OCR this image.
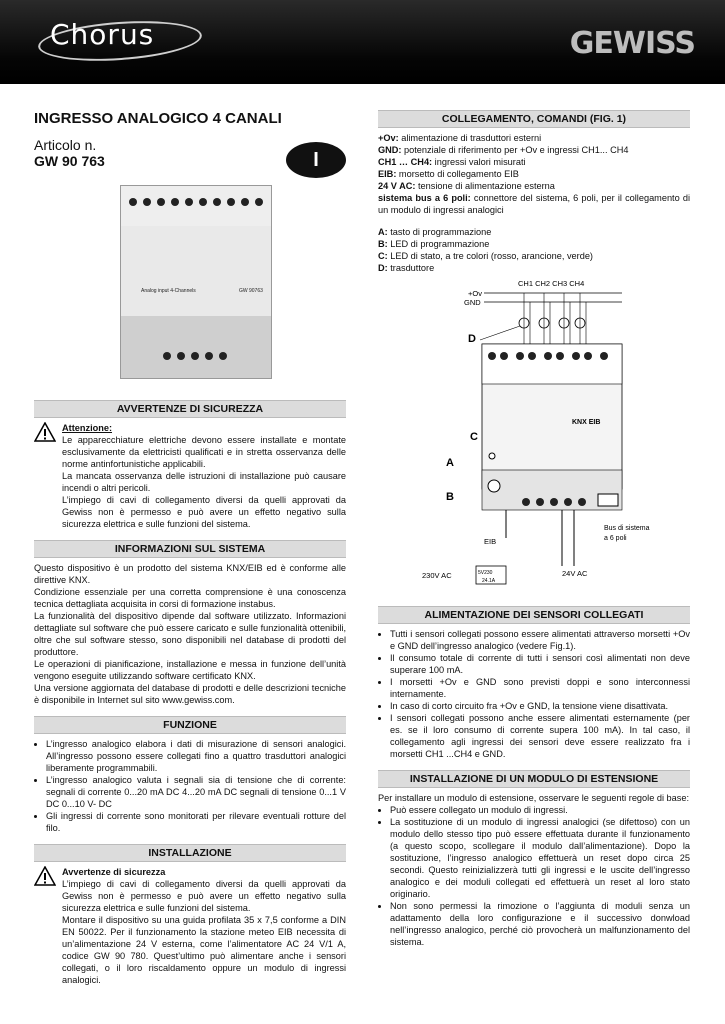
Chorus	GEWISS
INGRESSO ANALOGICO 4 CANALI
Articolo n.
GW 90 763	I
Analog input 4-Channels	GW 90763
AVVERTENZE DI SICUREZZA

Attenzione:

Le apparecchiature elettriche devono essere installate e montate esclusivamente da elettricisti qualificati e in stretta osservanza delle norme antinfortunistiche applicabili.

La mancata osservanza delle istruzioni di installazione può causare incendi o altri pericoli.

L’impiego di cavi di collegamento diversi da quelli approvati da Gewiss non è permesso e può avere un effetto negativo sulla sicurezza elettrica e sulle funzioni del sistema.

INFORMAZIONI SUL SISTEMA

Questo dispositivo è un prodotto del sistema KNX/EIB ed è conforme alle direttive KNX.

Condizione essenziale per una corretta comprensione è una conoscenza tecnica dettagliata acquisita in corsi di formazione instabus.

La funzionalità del dispositivo dipende dal software utilizzato. Informazioni dettagliate sul software che può essere caricato e sulle funzionalità ottenibili, oltre che sul software stesso, sono disponibili nel database di prodotti del produttore.

Le operazioni di pianificazione, installazione e messa in funzione dell’unità vengono eseguite utilizzando software certificato KNX.

Una versione aggiornata del database di prodotti e delle descrizioni tecniche è disponibile in Internet sul sito www.gewiss.com.

FUNZIONE
• L’ingresso analogico elabora i dati di misurazione di sensori analogici. All’ingresso possono essere collegati fino a quattro trasduttori analogici liberamente programmabili.
• L’ingresso analogico valuta i segnali sia di tensione che di corrente: segnali di corrente 0...20 mA DC 4...20 mA DC segnali di tensione 0...1 V DC 0...10 V- DC
• Gli ingressi di corrente sono monitorati per rilevare eventuali rotture del filo.
INSTALLAZIONE

Avvertenze di sicurezza

L’impiego di cavi di collegamento diversi da quelli approvati da Gewiss non è permesso e può avere un effetto negativo sulla sicurezza elettrica e sulle funzioni del sistema.

Montare il dispositivo su una guida profilata 35 x 7,5 conforme a DIN EN 50022. Per il funzionamento la stazione meteo EIB necessita di un’alimentazione 24 V esterna, come l’alimentatore AC 24 V/1 A, codice GW 90 780. Quest’ultimo può alimentare anche i sensori collegati, o il loro riscaldamento oppure un modulo di ingressi analogici.

COLLEGAMENTO, COMANDI (FIG. 1)

+Ov: alimentazione di trasduttori esterni

GND: potenziale di riferimento per +Ov e ingressi CH1... CH4

CH1 … CH4: ingressi valori misurati

EIB: morsetto di collegamento EIB

24 V AC: tensione di alimentazione esterna

sistema bus a 6 poli: connettore del sistema, 6 poli, per il collegamento di un modulo di ingressi analogici

A: tasto di programmazione

B: LED di programmazione

C: LED di stato, a tre colori (rosso, arancione, verde)

D: trasduttore

CH1 CH2 CH3 CH4
+Ov
GND
D
KNX EIB
C
A
B
EIB
Bus di sistema
a 6 poli
5V230
24.1A
230V AC	24V AC
ALIMENTAZIONE DEI SENSORI COLLEGATI
• Tutti i sensori collegati possono essere alimentati attraverso morsetti +Ov e GND dell’ingresso analogico (vedere Fig.1).
• Il consumo totale di corrente di tutti i sensori così alimentati non deve superare 100 mA.
• I morsetti +Ov e GND sono previsti doppi e sono interconnessi internamente.
• In caso di corto circuito fra +Ov e GND, la tensione viene disattivata.
• I sensori collegati possono anche essere alimentati esternamente (per es. se il loro consumo di corrente supera 100 mA). In tal caso, il collegamento agli ingressi dei sensori deve essere realizzato fra i morsetti CH1 ...CH4 e GND.
INSTALLAZIONE DI UN MODULO DI ESTENSIONE

Per installare un modulo di estensione, osservare le seguenti regole di base:

• Può essere collegato un modulo di ingressi.
• La sostituzione di un modulo di ingressi analogici (se difettoso) con un modulo dello stesso tipo può essere effettuata durante il funzionamento (a questo scopo, scollegare il modulo dall’alimentazione). Dopo la sostituzione, l’ingresso analogico effettuerà un reset dopo circa 25 secondi. Questo reinizializzerà tutti gli ingressi e le uscite dell’ingresso analogico e dei moduli collegati ed effettuerà un reset al loro stato originario.
• Non sono permessi la rimozione o l’aggiunta di moduli senza un adattamento della loro configurazione e il successivo donwload nell’ingresso analogico, perché ciò provocherà un malfunzionamento del sistema.
